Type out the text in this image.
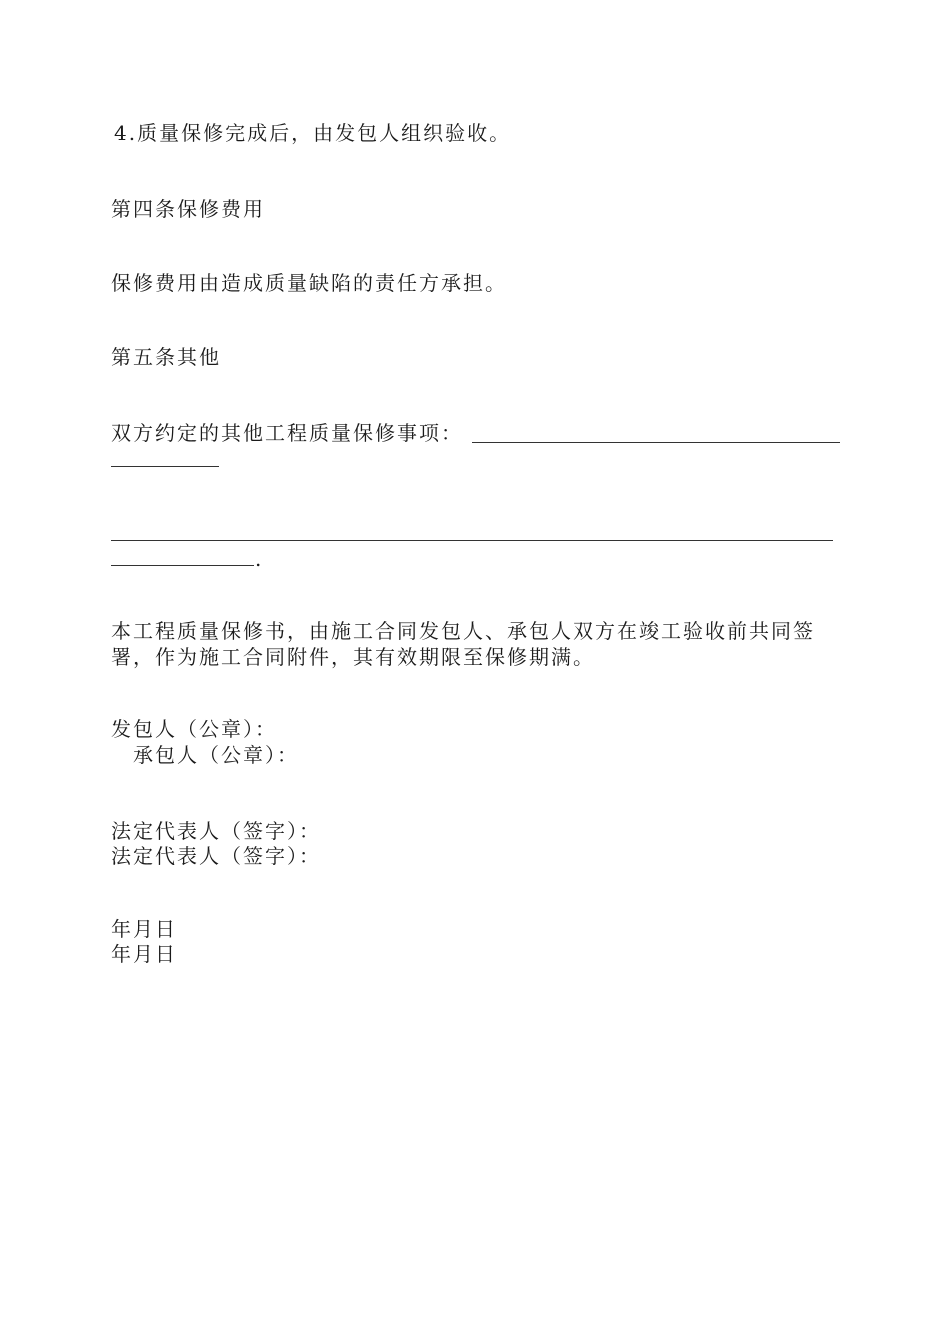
4.质量保修完成后，由发包人组织验收。
第四条保修费用
保修费用由造成质量缺陷的责任方承担。
第五条其他
双方约定的其他工程质量保修事项：
.
本工程质量保修书，由施工合同发包人、承包人双方在竣工验收前共同签
署，作为施工合同附件，其有效期限至保修期满。
发包人（公章）：
承包人（公章）：
法定代表人（签字）：
法定代表人（签字）：
年月日
年月日
